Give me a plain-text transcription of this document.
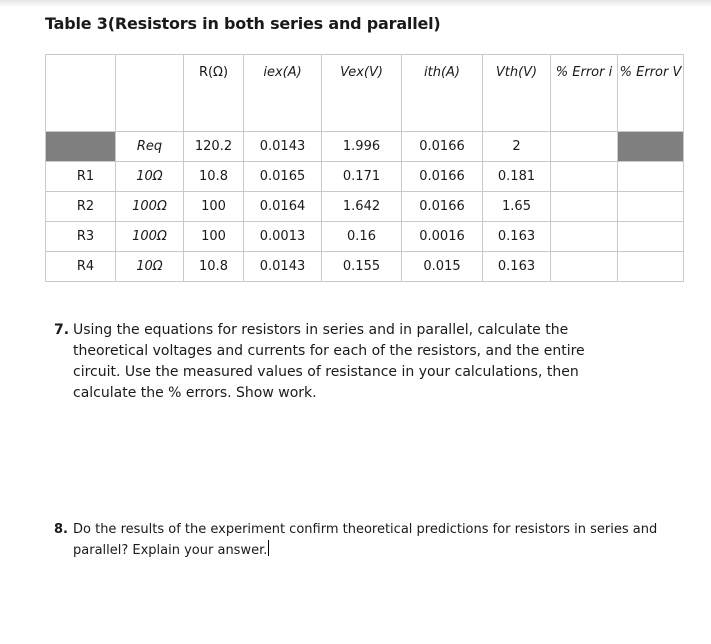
Table 3(Resistors in both series and parallel)
		R(Ω)	iex(A)	Vex(V)	ith(A)	Vth(V)	% Error i	% Error V
	Req	120.2	0.0143	1.996	0.0166	2		
R1	10Ω	10.8	0.0165	0.171	0.0166	0.181		
R2	100Ω	100	0.0164	1.642	0.0166	1.65		
R3	100Ω	100	0.0013	0.16	0.0016	0.163		
R4	10Ω	10.8	0.0143	0.155	0.015	0.163		
7. Using the equations for resistors in series and in parallel, calculate the theoretical voltages and currents for each of the resistors, and the entire circuit. Use the measured values of resistance in your calculations, then calculate the % errors. Show work.
8. Do the results of the experiment confirm theoretical predictions for resistors in series and parallel? Explain your answer.
